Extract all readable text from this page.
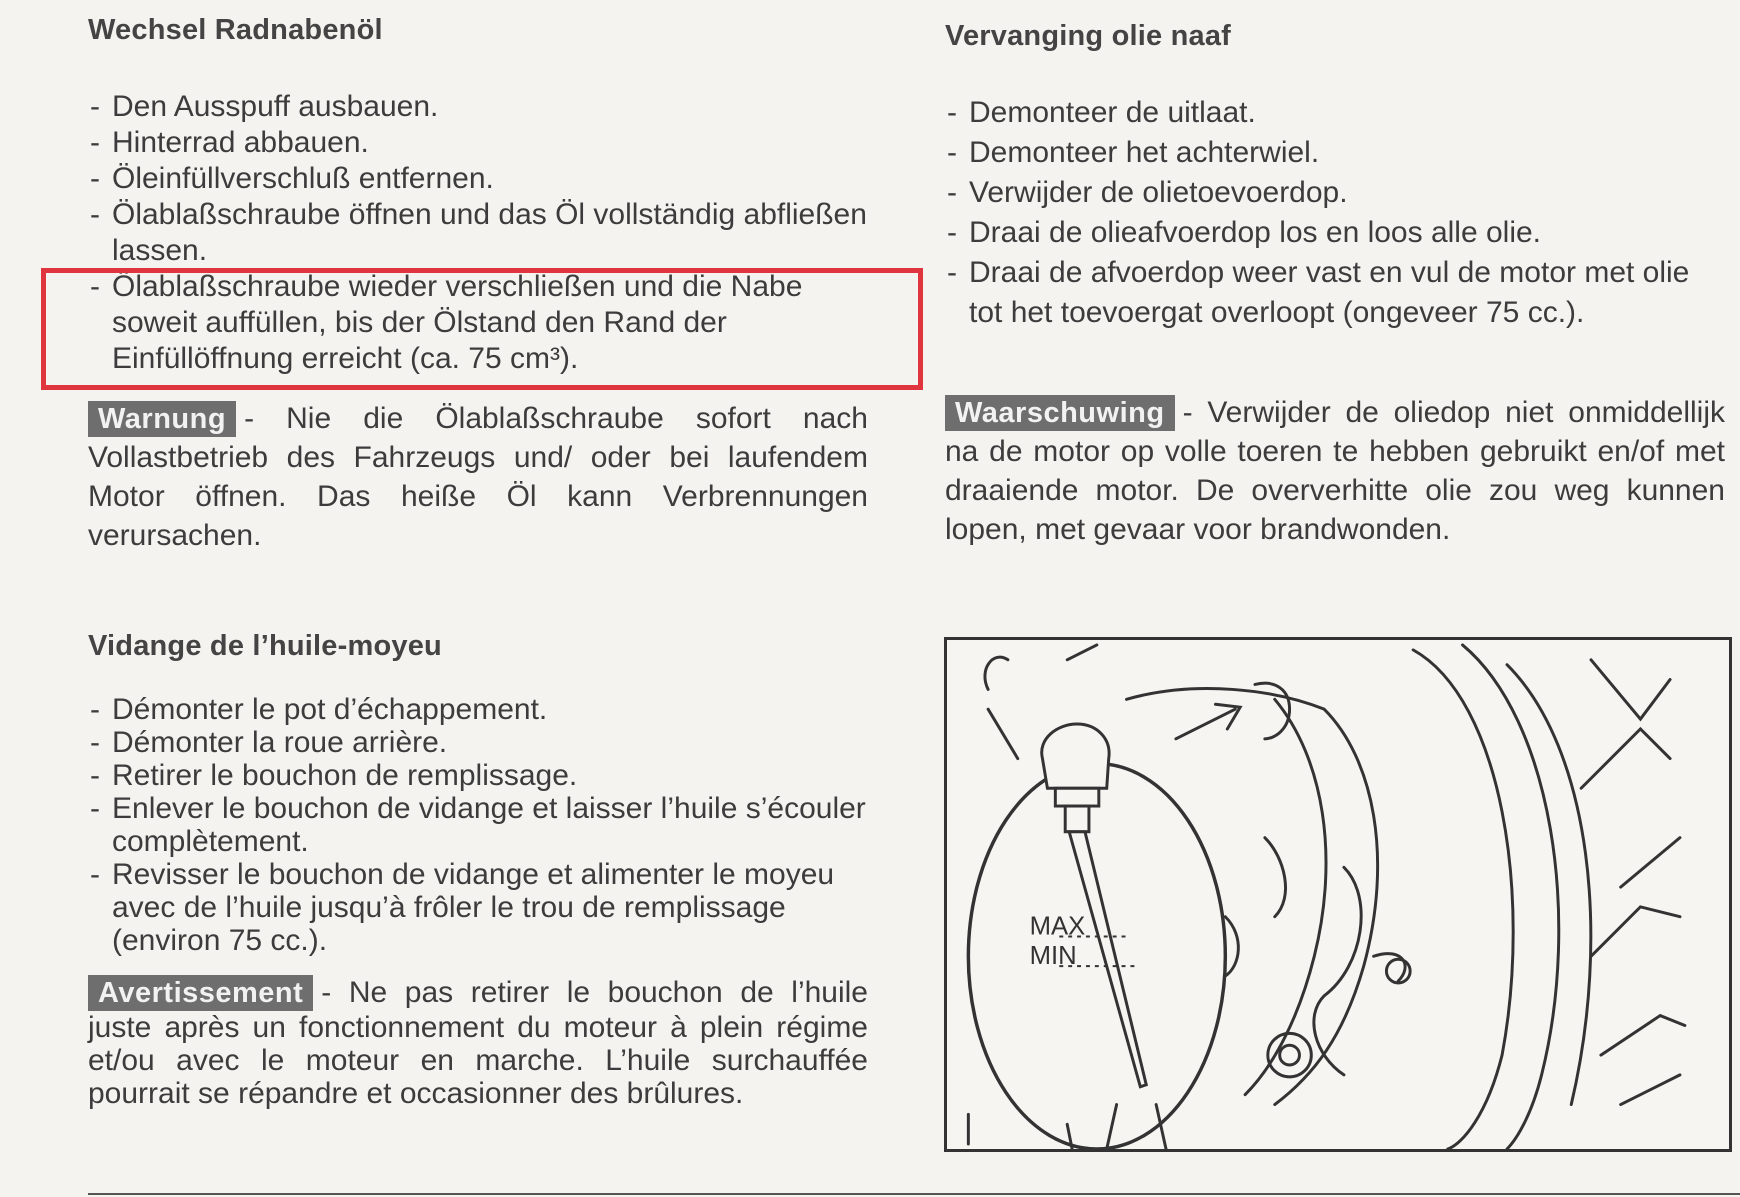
Wechsel Radnabenöl
- Den Ausspuff ausbauen.
- Hinterrad abbauen.
- Öleinfüllverschluß entfernen.
- Ölablaßschraube öffnen und das Öl vollständig abfließen lassen.
- Ölablaßschraube wieder verschließen und die Nabe soweit auffüllen, bis der Ölstand den Rand der Einfüllöffnung erreicht (ca. 75 cm³).
Warnung - Nie die Ölablaßschraube sofort nach Vollastbetrieb des Fahrzeugs und/ oder bei laufendem Motor öffnen. Das heiße Öl kann Verbrennungen verursachen.
Vervanging olie naaf
- Demonteer de uitlaat.
- Demonteer het achterwiel.
- Verwijder de olietoevoerdop.
- Draai de olieafvoerdop los en loos alle olie.
- Draai de afvoerdop weer vast en vul de motor met olie tot het toevoergat overloopt (ongeveer 75 cc.).
Waarschuwing - Verwijder de oliedop niet onmiddellijk na de motor op volle toeren te hebben gebruikt en/of met draaiende motor. De oververhitte olie zou weg kunnen lopen, met gevaar voor brandwonden.
Vidange de l’huile-moyeu
- Démonter le pot d’échappement.
- Démonter la roue arrière.
- Retirer le bouchon de remplissage.
- Enlever le bouchon de vidange et laisser l’huile s’écouler complètement.
- Revisser le bouchon de vidange et alimenter le moyeu avec de l’huile jusqu’à frôler le trou de remplissage (environ 75 cc.).
Avertissement - Ne pas retirer le bouchon de l’huile juste après un fonctionnement du moteur à plein régime et/ou avec le moteur en marche. L’huile surchauffée pourrait se répandre et occasionner des brûlures.
MAX
MIN
